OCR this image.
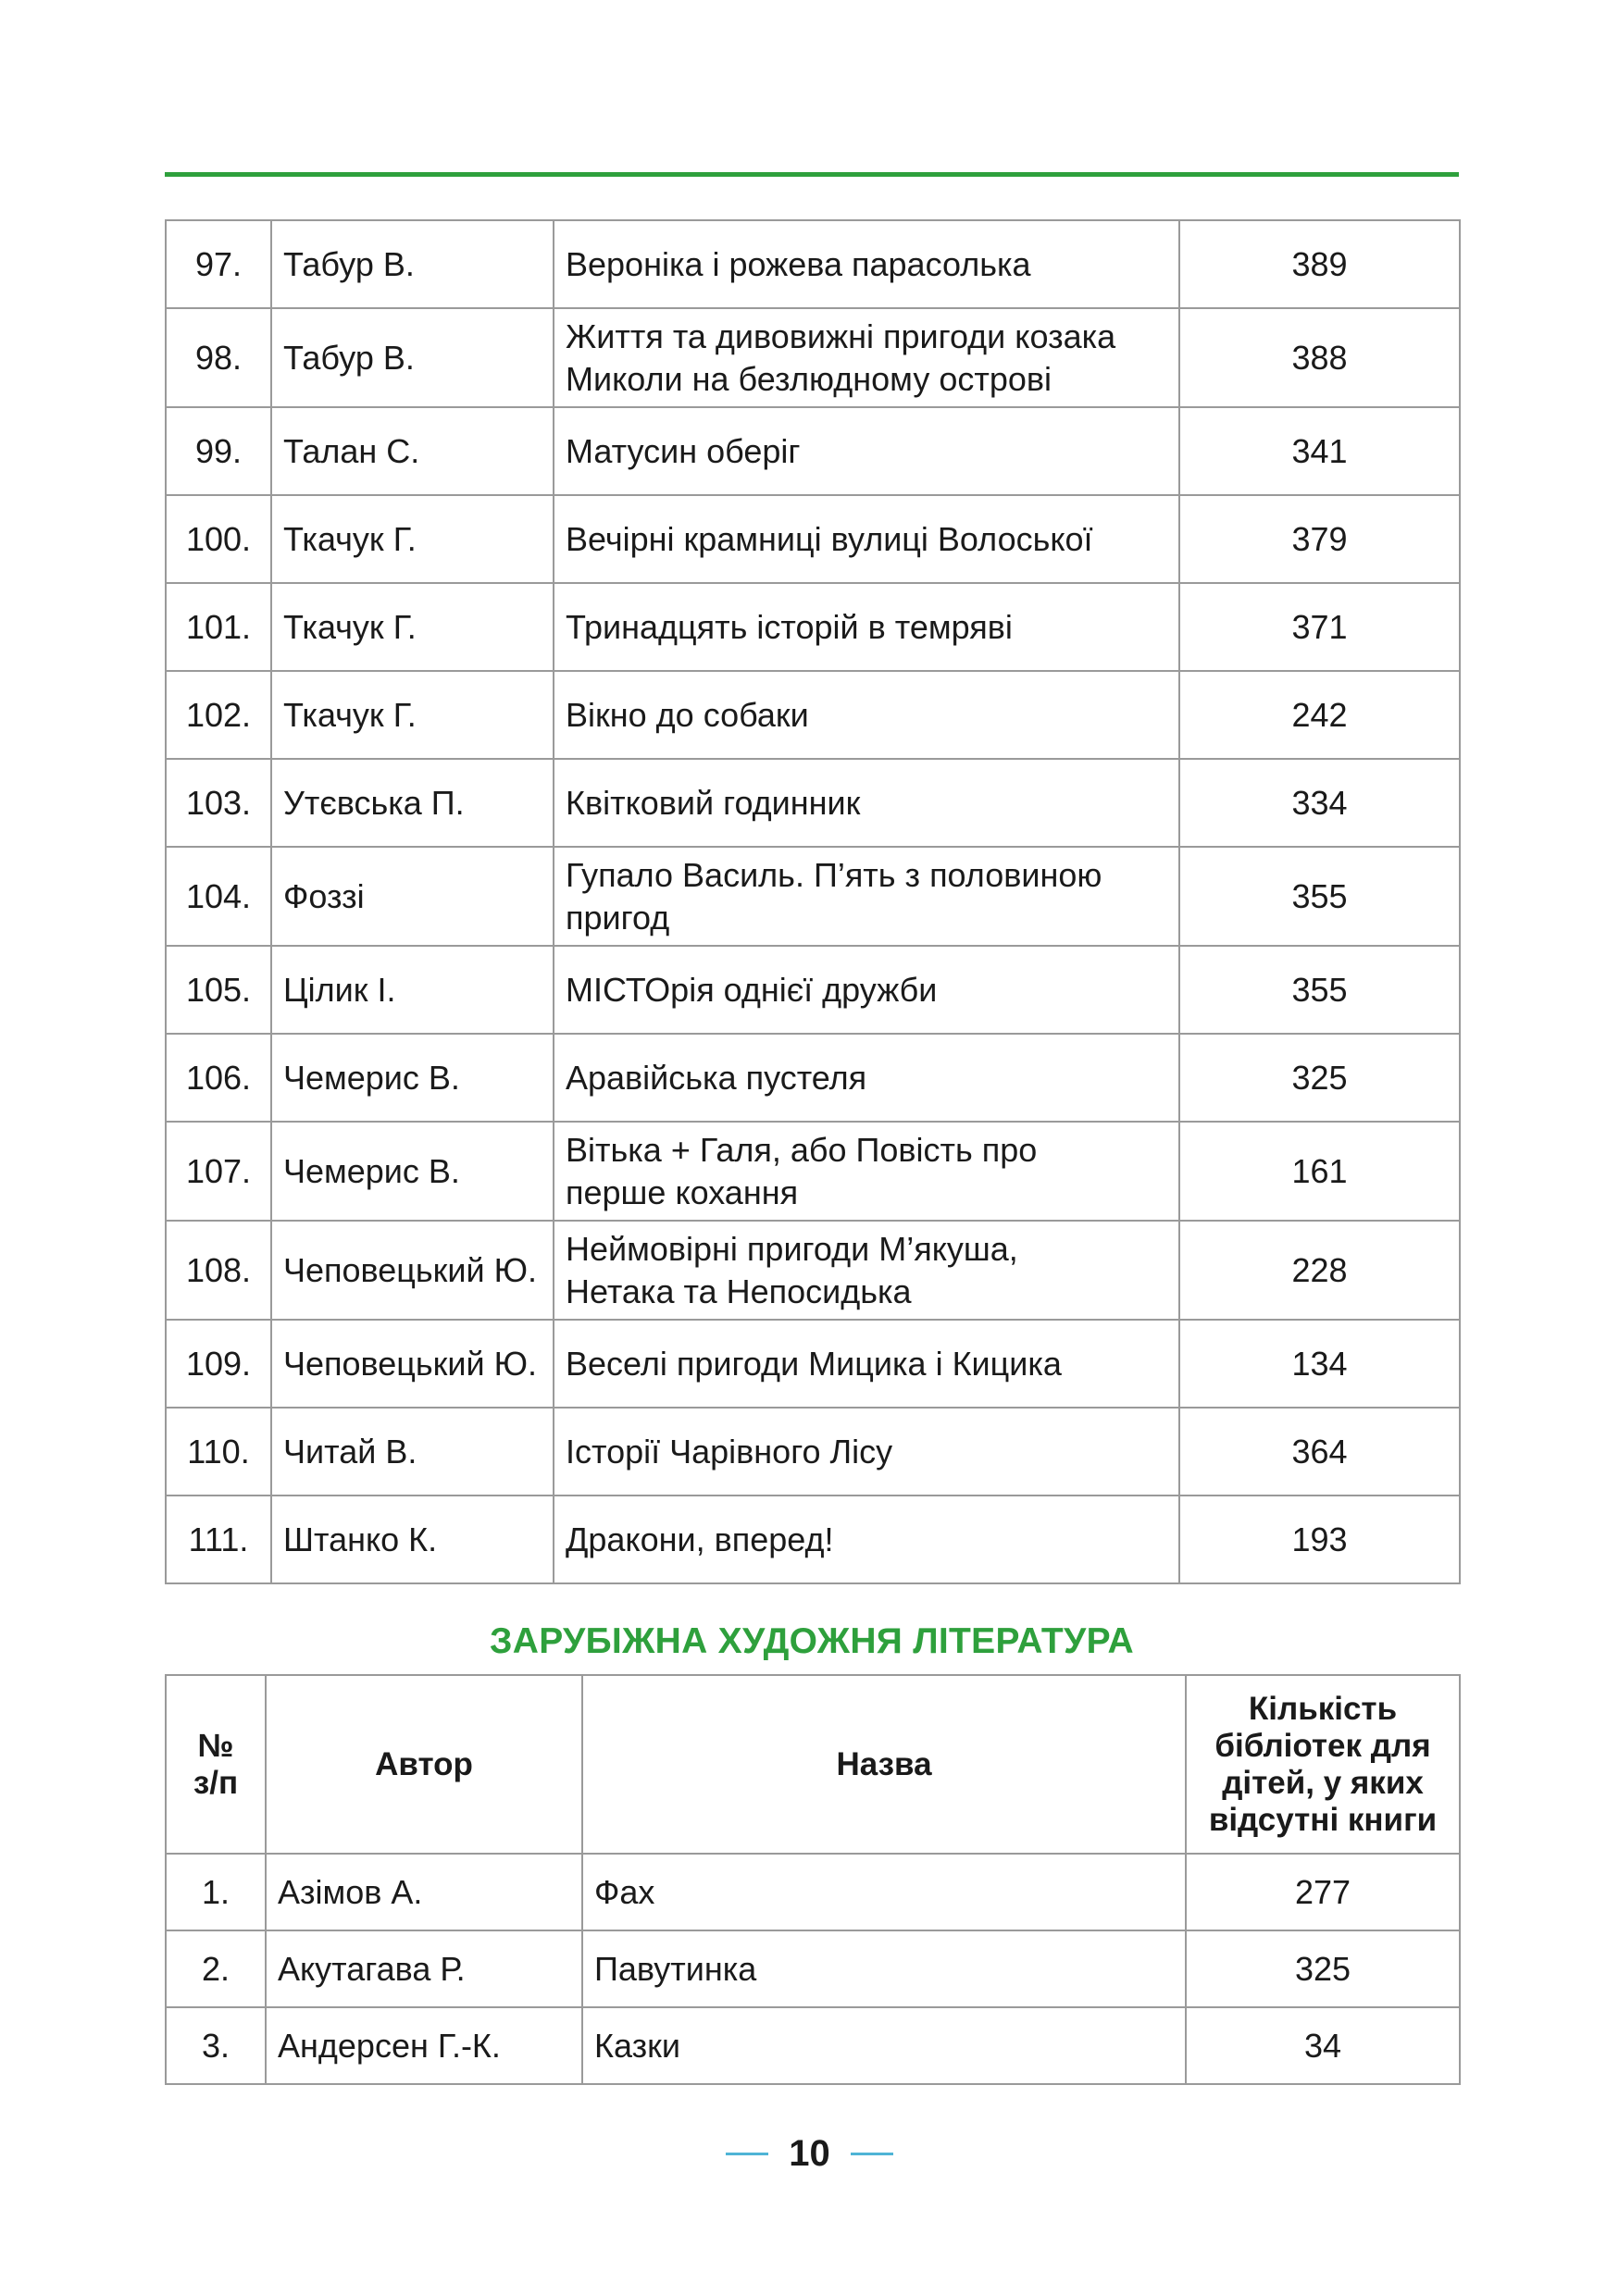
97.	Табур В.	Вероніка і рожева парасолька	389
98.	Табур В.	Життя та дивовижні пригоди козака
Миколи на безлюдному острові	388
99.	Талан С.	Матусин оберіг	341
100.	Ткачук Г.	Вечірні крамниці вулиці Волоської	379
101.	Ткачук Г.	Тринадцять історій в темряві	371
102.	Ткачук Г.	Вікно до собаки	242
103.	Утєвська П.	Квітковий годинник	334
104.	Фоззі	Гупало Василь. П’ять з половиною
пригод	355
105.	Цілик І.	МІСТОрія однієї дружби	355
106.	Чемерис В.	Аравійська пустеля	325
107.	Чемерис В.	Вітька + Галя, або Повість про
перше кохання	161
108.	Чеповецький Ю.	Неймовірні пригоди М’якуша,
Нетака та Непосидька	228
109.	Чеповецький Ю.	Веселі пригоди Мицика і Кицика	134
110.	Читай В.	Історії Чарівного Лісу	364
111.	Штанко К.	Дракони, вперед!	193
ЗАРУБІЖНА ХУДОЖНЯ ЛІТЕРАТУРА
№
з/п	Автор	Назва	Кількість
бібліотек для
дітей, у яких
відсутні книги
1.	Азімов А.	Фах	277
2.	Акутагава Р.	Павутинка	325
3.	Андерсен Г.-К.	Казки	34
10
